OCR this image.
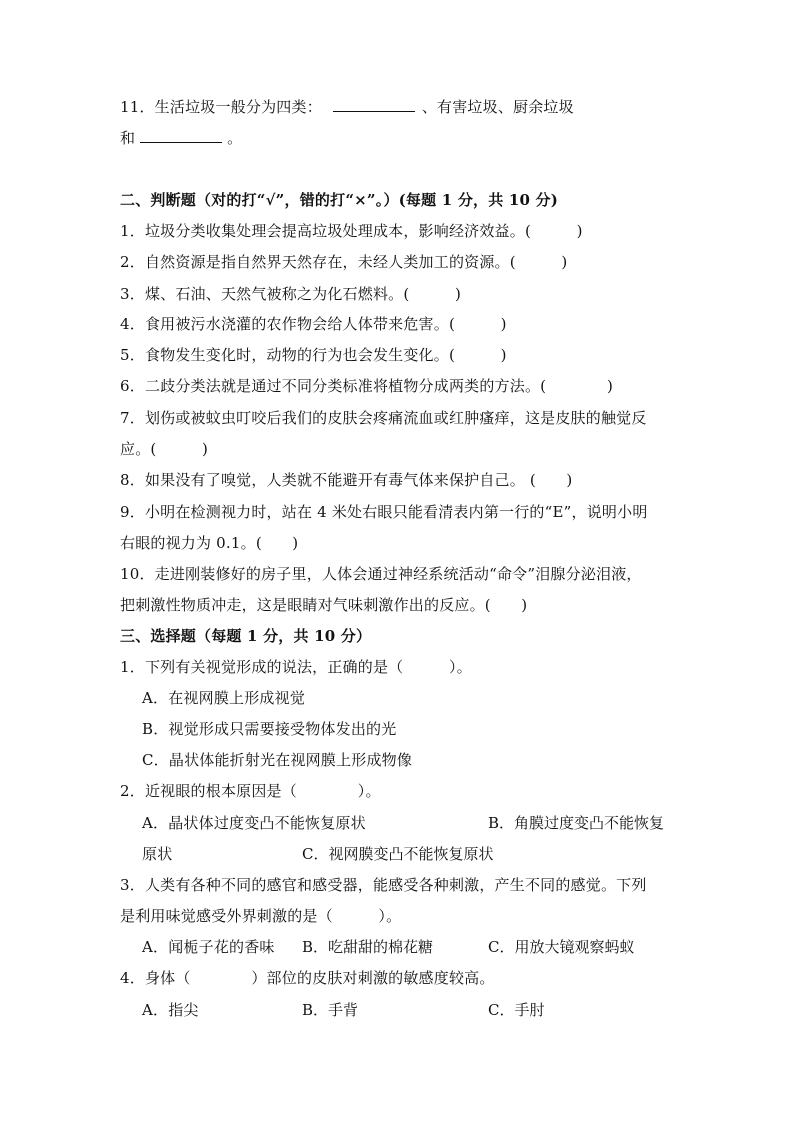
11．生活垃圾一般分为四类：	、有害垃圾、厨余垃圾
和	。
二、判断题（对的打“√”，错的打“×”。）(每题 1 分，共 10 分)
1．垃圾分类收集处理会提高垃圾处理成本，影响经济效益。(　　　)
2．自然资源是指自然界天然存在，未经人类加工的资源。(　　　)
3．煤、石油、天然气被称之为化石燃料。(　　　)
4．食用被污水浇灌的农作物会给人体带来危害。(　　　)
5．食物发生变化时，动物的行为也会发生变化。(　　　)
6．二歧分类法就是通过不同分类标准将植物分成两类的方法。(　　　　)
7．划伤或被蚊虫叮咬后我们的皮肤会疼痛流血或红肿瘙痒，这是皮肤的触觉反
应。(　　　)
8．如果没有了嗅觉，人类就不能避开有毒气体来保护自己。 (　　)
9．小明在检测视力时，站在 4 米处右眼只能看清表内第一行的“E”，说明小明
右眼的视力为 0.1。(　　)
10．走进刚装修好的房子里，人体会通过神经系统活动“命令”泪腺分泌泪液，
把刺激性物质冲走，这是眼睛对气味刺激作出的反应。(　　)
三、选择题（每题 1 分，共 10 分）
1．下列有关视觉形成的说法，正确的是（　　　）。
A．在视网膜上形成视觉
B．视觉形成只需要接受物体发出的光
C．晶状体能折射光在视网膜上形成物像
2．近视眼的根本原因是（　　　　）。
A．晶状体过度变凸不能恢复原状	B．角膜过度变凸不能恢复
原状	C．视网膜变凸不能恢复原状
3．人类有各种不同的感官和感受器，能感受各种刺激，产生不同的感觉。下列
是利用味觉感受外界刺激的是（　　　）。
A．闻栀子花的香味 B．吃甜甜的棉花糖	C．用放大镜观察蚂蚁
4．身体（　　　　）部位的皮肤对刺激的敏感度较高。
A．指尖	B．手背	C．手肘
